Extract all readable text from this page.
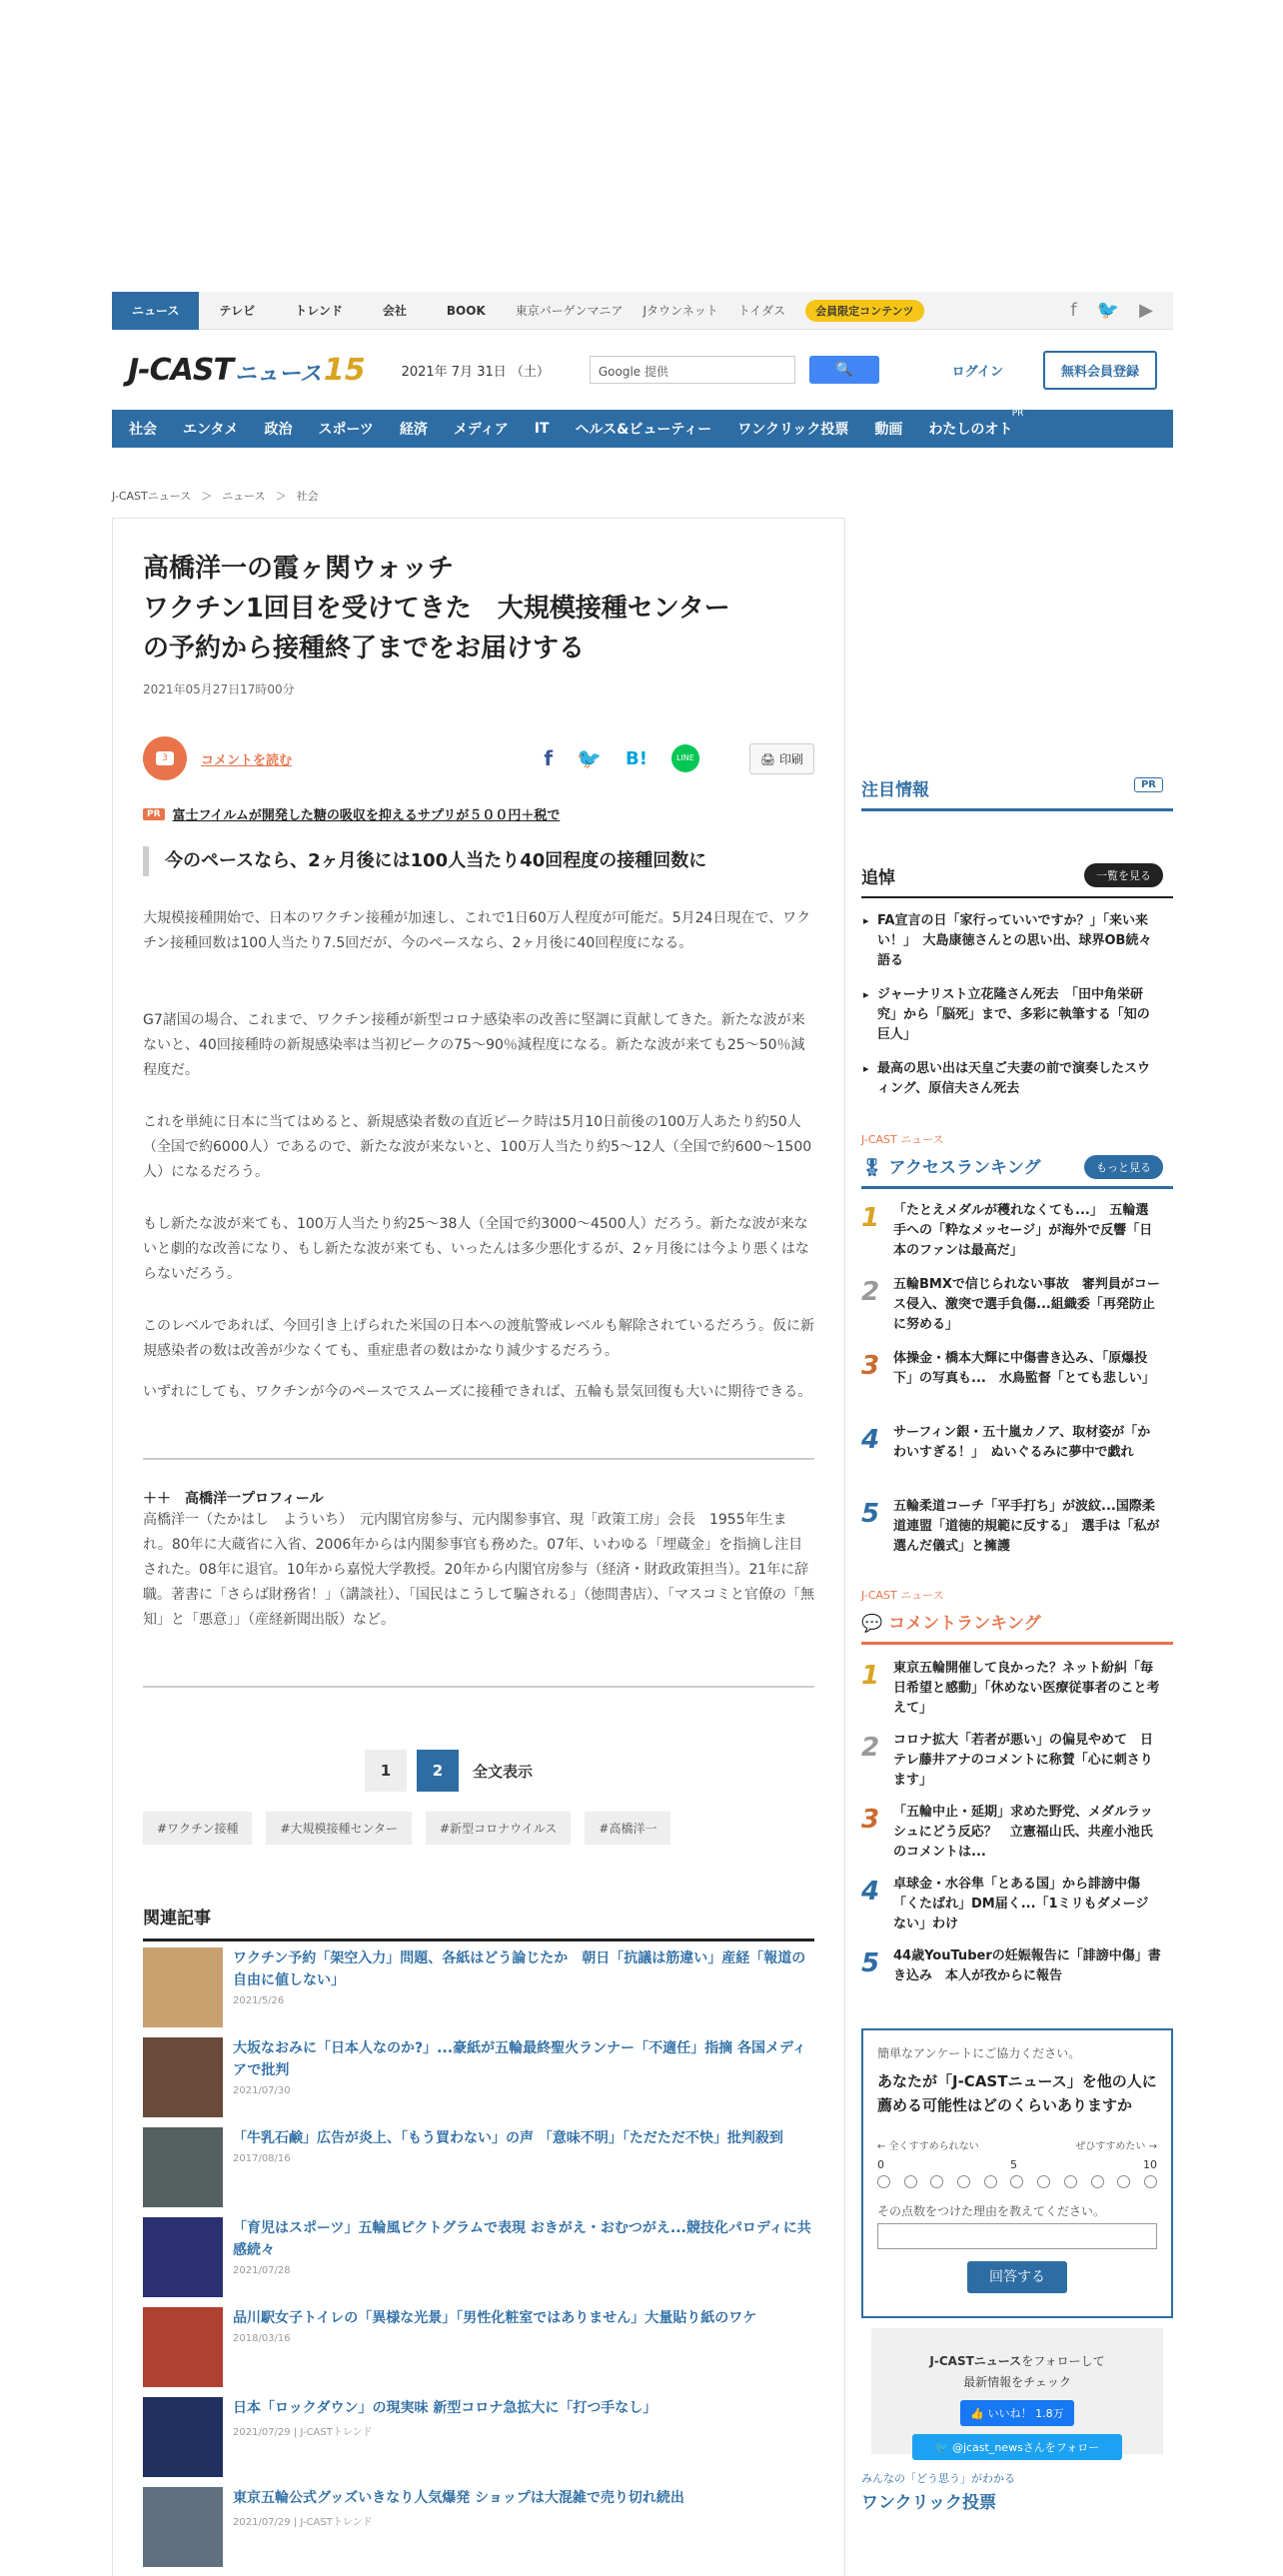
ニュース	テレビ	トレンド	会社	BOOK	東京バーゲンマニア	Jタウンネット	トイダス	会員限定コンテンツ	f 🐦 ▶
J-CAST ニュース 15	2021年 7月 31日 （土）	Google 提供	🔍	ログイン	無料会員登録
社会	エンタメ	政治	スポーツ	経済	メディア	IT	ヘルス&ビューティー	ワンクリック投票	動画	わたしのオト
PR
J-CASTニュース ＞ ニュース ＞ 社会
高橋洋一の霞ヶ関ウォッチ
ワクチン1回目を受けてきた　大規模接種センター
の予約から接種終了までをお届けする
2021年05月27日17時00分
3	コメントを読む	f 🐦 B!	LINE	🖨 印刷
PR 富士フイルムが開発した糖の吸収を抑えるサプリが５００円＋税で
今のペースなら、2ヶ月後には100人当たり40回程度の接種回数に

大規模接種開始で、日本のワクチン接種が加速し、これで1日60万人程度が可能だ。5月24日現在で、ワクチン接種回数は100人当たり7.5回だが、今のペースなら、2ヶ月後に40回程度になる。

G7諸国の場合、これまで、ワクチン接種が新型コロナ感染率の改善に堅調に貢献してきた。新たな波が来ないと、40回接種時の新規感染率は当初ピークの75～90％減程度になる。新たな波が来ても25～50％減程度だ。

これを単純に日本に当てはめると、新規感染者数の直近ピーク時は5月10日前後の100万人あたり約50人（全国で約6000人）であるので、新たな波が来ないと、100万人当たり約5～12人（全国で約600～1500人）になるだろう。

もし新たな波が来ても、100万人当たり約25～38人（全国で約3000～4500人）だろう。新たな波が来ないと劇的な改善になり、もし新たな波が来ても、いったんは多少悪化するが、2ヶ月後には今より悪くはならないだろう。

このレベルであれば、今回引き上げられた米国の日本への渡航警戒レベルも解除されているだろう。仮に新規感染者の数は改善が少なくても、重症患者の数はかなり減少するだろう。

いずれにしても、ワクチンが今のペースでスムーズに接種できれば、五輪も景気回復も大いに期待できる。

＋＋　高橋洋一プロフィール

高橋洋一（たかはし　よういち）　元内閣官房参与、元内閣参事官、現「政策工房」会長　1955年生まれ。80年に大蔵省に入省、2006年からは内閣参事官も務めた。07年、いわゆる「埋蔵金」を指摘し注目された。08年に退官。10年から嘉悦大学教授。20年から内閣官房参与（経済・財政政策担当）。21年に辞職。著書に「さらば財務省！」（講談社）、「国民はこうして騙される」（徳間書店）、「マスコミと官僚の「無知」と「悪意」」（産経新聞出版）など。

1	2	全文表示
#ワクチン接種	#大規模接種センター	#新型コロナウイルス	#高橋洋一
関連記事
ワクチン予約「架空入力」問題、各紙はどう論じたか　朝日「抗議は筋違い」産経「報道の自由に値しない」
2021/5/26
大坂なおみに「日本人なのか?」...豪紙が五輪最終聖火ランナー「不適任」指摘 各国メディアで批判
2021/07/30
「牛乳石鹸」広告が炎上、「もう買わない」の声 「意味不明」「ただただ不快」批判殺到
2017/08/16
「育児はスポーツ」五輪風ピクトグラムで表現 おきがえ・おむつがえ...競技化パロディに共感続々
2021/07/28
品川駅女子トイレの「異様な光景」「男性化粧室ではありません」大量貼り紙のワケ
2018/03/16
日本「ロックダウン」の現実味 新型コロナ急拡大に「打つ手なし」
2021/07/29 | J-CASTトレンド
東京五輪公式グッズいきなり人気爆発 ショップは大混雑で売り切れ続出
2021/07/29 | J-CASTトレンド
注目情報	PR
追悼	一覧を見る
▸ FA宣言の日「家行っていいですか？」「来い来い！」　大島康徳さんとの思い出、球界OB続々語る
▸ ジャーナリスト立花隆さん死去　「田中角栄研究」から「脳死」まで、多彩に執筆する「知の巨人」
▸ 最高の思い出は天皇ご夫妻の前で演奏したスウィング、原信夫さん死去
J-CAST ニュース
🎖 アクセスランキング	もっと見る
1	「たとえメダルが穫れなくても...」　五輪選手への「粋なメッセージ」が海外で反響「日本のファンは最高だ」
2	五輪BMXで信じられない事故　審判員がコース侵入、激突で選手負傷...組織委「再発防止に努める」
3	体操金・橋本大輝に中傷書き込み、「原爆投下」の写真も...　水鳥監督「とても悲しい」
4	サーフィン銀・五十嵐カノア、取材姿が「かわいすぎる！」　ぬいぐるみに夢中で戯れ
5	五輪柔道コーチ「平手打ち」が波紋...国際柔道連盟「道徳的規範に反する」　選手は「私が選んだ儀式」と擁護
J-CAST ニュース
💬 コメントランキング
1	東京五輪開催して良かった？ネット紛糾「毎日希望と感動」「休めない医療従事者のこと考えて」
2	コロナ拡大「若者が悪い」の偏見やめて　日テレ藤井アナのコメントに称賛「心に刺さります」
3	「五輪中止・延期」求めた野党、メダルラッシュにどう反応？　立憲福山氏、共産小池氏のコメントは...
4	卓球金・水谷隼「とある国」から誹謗中傷　「くたばれ」DM届く...「1ミリもダメージない」わけ
5	44歳YouTuberの妊娠報告に「誹謗中傷」書き込み　本人が孜からに報告
簡単なアンケートにご協力ください。
あなたが「J-CASTニュース」を他の人に薦める可能性はどのくらいありますか
← 全くすすめられない	ぜひすすめたい →
0	5	10
その点数をつけた理由を教えてください。
回答する
J-CASTニュースをフォローして
最新情報をチェック
👍 いいね！ 1.8万
🐦 @jcast_newsさんをフォロー
みんなの「どう思う」がわかる
ワンクリック投票
